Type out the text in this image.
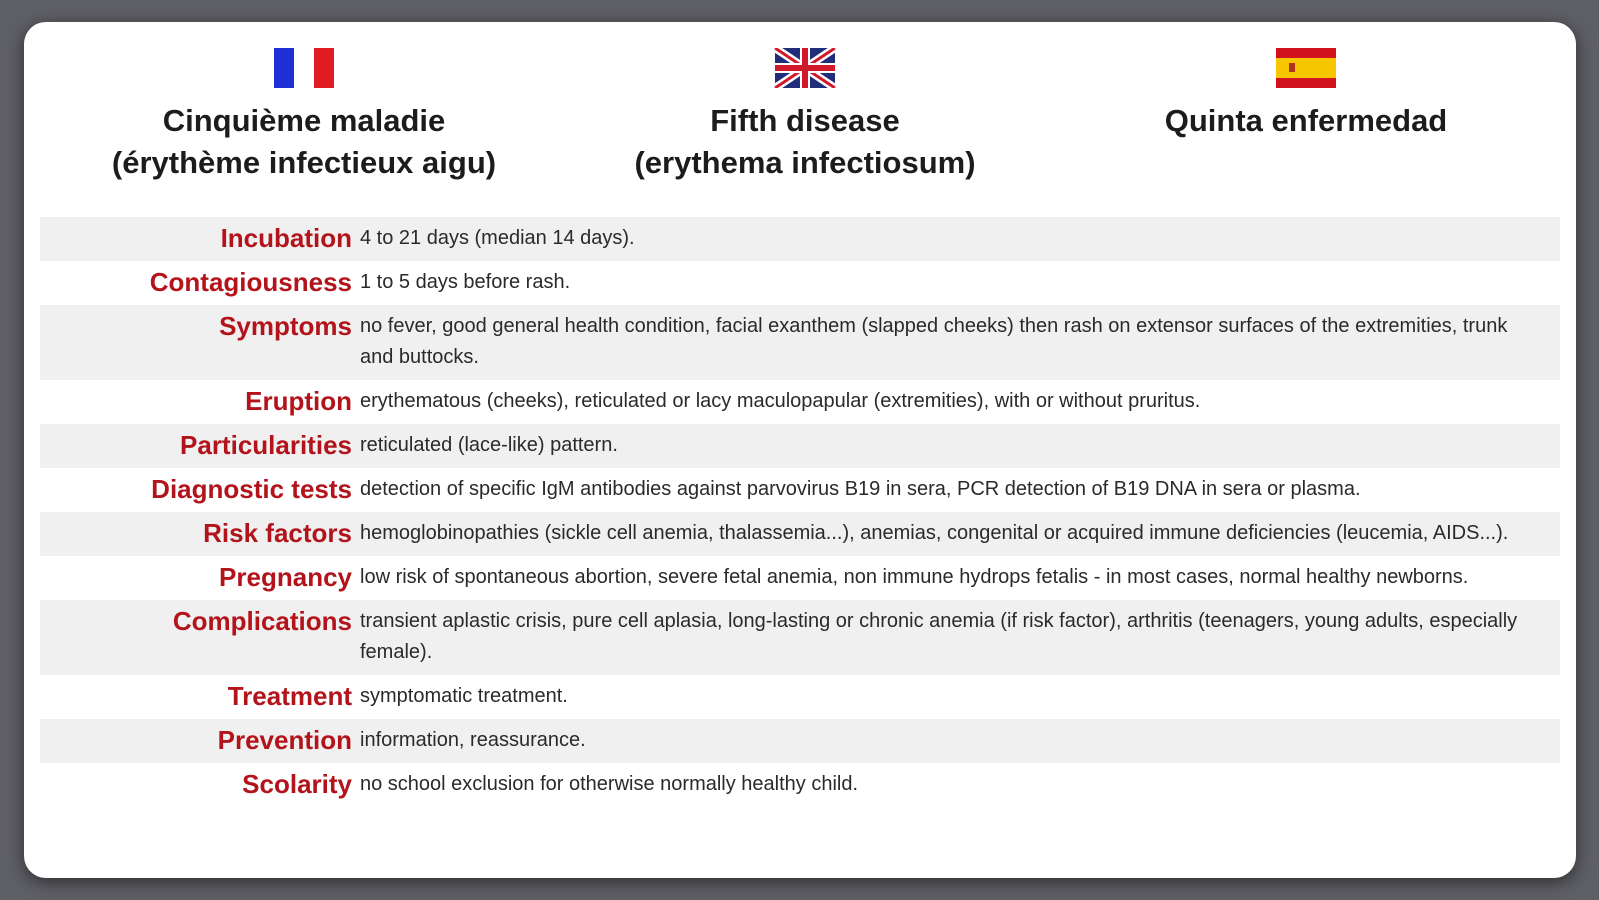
Cinquième maladie
(érythème infectieux aigu)
Fifth disease
(erythema infectiosum)
Quinta enfermedad
Incubation 4 to 21 days (median 14 days).
Contagiousness 1 to 5 days before rash.
Symptoms no fever, good general health condition, facial exanthem (slapped cheeks) then rash on extensor surfaces of the extremities, trunk and buttocks.
Eruption erythematous (cheeks), reticulated or lacy maculopapular (extremities), with or without pruritus.
Particularities reticulated (lace-like) pattern.
Diagnostic tests detection of specific IgM antibodies against parvovirus B19 in sera, PCR detection of B19 DNA in sera or plasma.
Risk factors hemoglobinopathies (sickle cell anemia, thalassemia...), anemias, congenital or acquired immune deficiencies (leucemia, AIDS...).
Pregnancy low risk of spontaneous abortion, severe fetal anemia, non immune hydrops fetalis - in most cases, normal healthy newborns.
Complications transient aplastic crisis, pure cell aplasia, long-lasting or chronic anemia (if risk factor), arthritis (teenagers, young adults, especially female).
Treatment symptomatic treatment.
Prevention information, reassurance.
Scolarity no school exclusion for otherwise normally healthy child.
